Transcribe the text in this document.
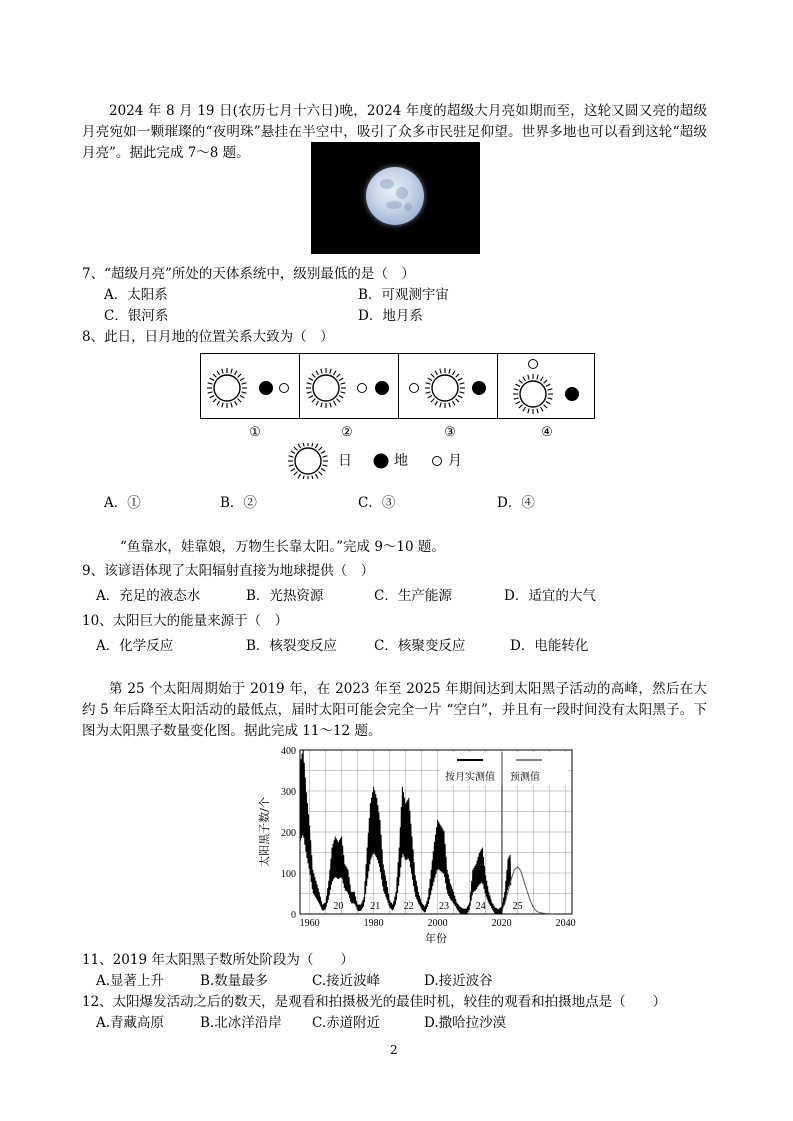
2024 年 8 月 19 日(农历七月十六日)晚，2024 年度的超级大月亮如期而至，这轮又圆又亮的超级月亮宛如一颗璀璨的“夜明珠”悬挂在半空中，吸引了众多市民驻足仰望。世界多地也可以看到这轮“超级月亮”。据此完成 7～8 题。
7、“超级月亮”所处的天体系统中，级别最低的是（　）
A．太阳系	B．可观测宇宙
C．银河系	D．地月系
8、此日，日月地的位置关系大致为（　）
①	②	③	④
日	地	月
A．①	B．②	C．③	D．④
“鱼靠水，娃靠娘，万物生长靠太阳。”完成 9～10 题。
9、该谚语体现了太阳辐射直接为地球提供（　）
A．充足的液态水	B．光热资源	C．生产能源	D．适宜的大气
10、太阳巨大的能量来源于（　）
A．化学反应	B．核裂变反应	C．核聚变反应	D．电能转化
第 25 个太阳周期始于 2019 年，在 2023 年至 2025 年期间达到太阳黑子活动的高峰，然后在大约 5 年后降至太阳活动的最低点，届时太阳可能会完全一片 “空白”，并且有一段时间没有太阳黑子。下图为太阳黑子数量变化图。据此完成 11～12 题。
0
100
200
300
400
1960	1980	2000	2020	2040
年份
太阳黑子数/个
20	21 22	23	24	25
按月实测值 预测值
11、2019 年太阳黑子数所处阶段为（　　）
A.显著上升	B.数量最多	C.接近波峰	D.接近波谷
12、太阳爆发活动之后的数天，是观看和拍摄极光的最佳时机，较佳的观看和拍摄地点是（　　）
A.青藏高原	B.北冰洋沿岸 C.赤道附近	D.撒哈拉沙漠
2
